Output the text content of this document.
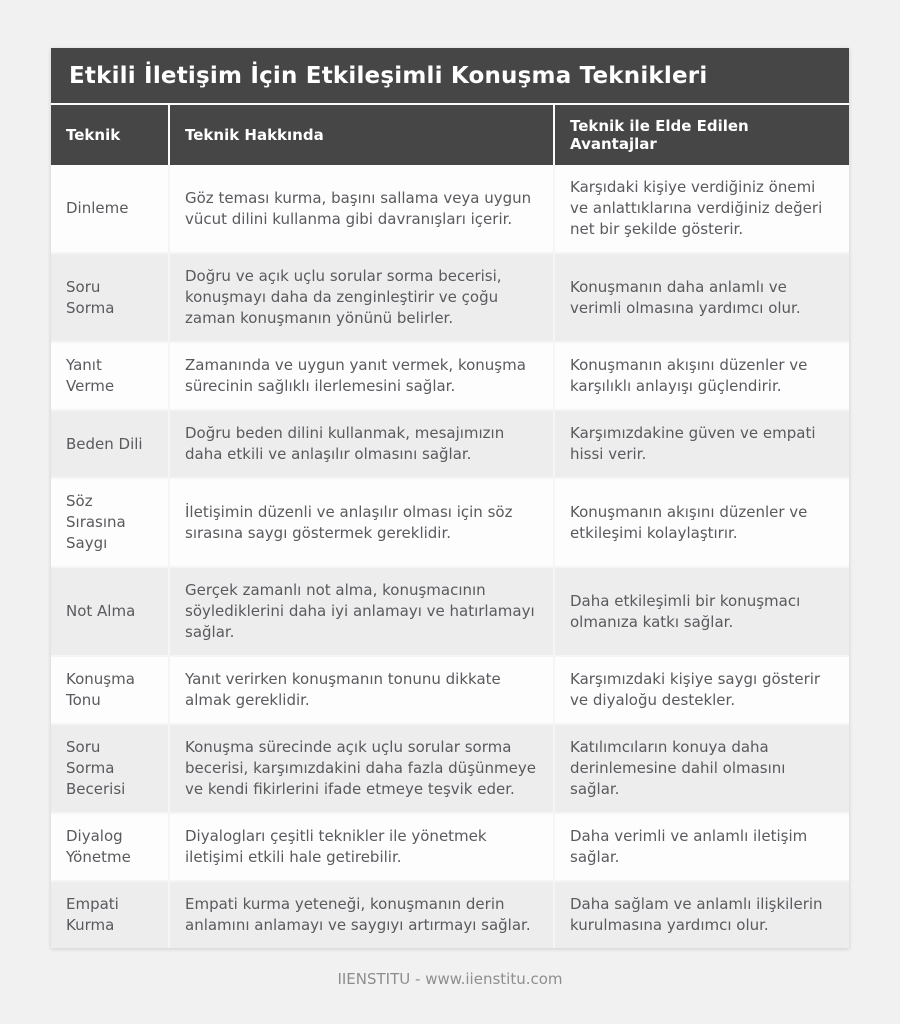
Etkili İletişim İçin Etkileşimli Konuşma Teknikleri
Teknik	Teknik Hakkında	Teknik ile Elde Edilen Avantajlar
Dinleme
Göz teması kurma, başını sallama veya uygun vücut dilini kullanma gibi davranışları içerir.
Karşıdaki kişiye verdiğiniz önemi ve anlattıklarına verdiğiniz değeri net bir şekilde gösterir.
Soru Sorma
Doğru ve açık uçlu sorular sorma becerisi, konuşmayı daha da zenginleştirir ve çoğu zaman konuşmanın yönünü belirler.
Konuşmanın daha anlamlı ve verimli olmasına yardımcı olur.
Yanıt Verme
Zamanında ve uygun yanıt vermek, konuşma sürecinin sağlıklı ilerlemesini sağlar.
Konuşmanın akışını düzenler ve karşılıklı anlayışı güçlendirir.
Beden Dili
Doğru beden dilini kullanmak, mesajımızın daha etkili ve anlaşılır olmasını sağlar.
Karşımızdakine güven ve empati hissi verir.
Söz Sırasına Saygı
İletişimin düzenli ve anlaşılır olması için söz sırasına saygı göstermek gereklidir.
Konuşmanın akışını düzenler ve etkileşimi kolaylaştırır.
Not Alma
Gerçek zamanlı not alma, konuşmacının söylediklerini daha iyi anlamayı ve hatırlamayı sağlar.
Daha etkileşimli bir konuşmacı olmanıza katkı sağlar.
Konuşma Tonu
Yanıt verirken konuşmanın tonunu dikkate almak gereklidir.
Karşımızdaki kişiye saygı gösterir ve diyaloğu destekler.
Soru Sorma Becerisi
Konuşma sürecinde açık uçlu sorular sorma becerisi, karşımızdakini daha fazla düşünmeye ve kendi fikirlerini ifade etmeye teşvik eder.
Katılımcıların konuya daha derinlemesine dahil olmasını sağlar.
Diyalog Yönetme
Diyalogları çeşitli teknikler ile yönetmek iletişimi etkili hale getirebilir.
Daha verimli ve anlamlı iletişim sağlar.
Empati Kurma
Empati kurma yeteneği, konuşmanın derin anlamını anlamayı ve saygıyı artırmayı sağlar.
Daha sağlam ve anlamlı ilişkilerin kurulmasına yardımcı olur.
IIENSTITU - www.iienstitu.com
